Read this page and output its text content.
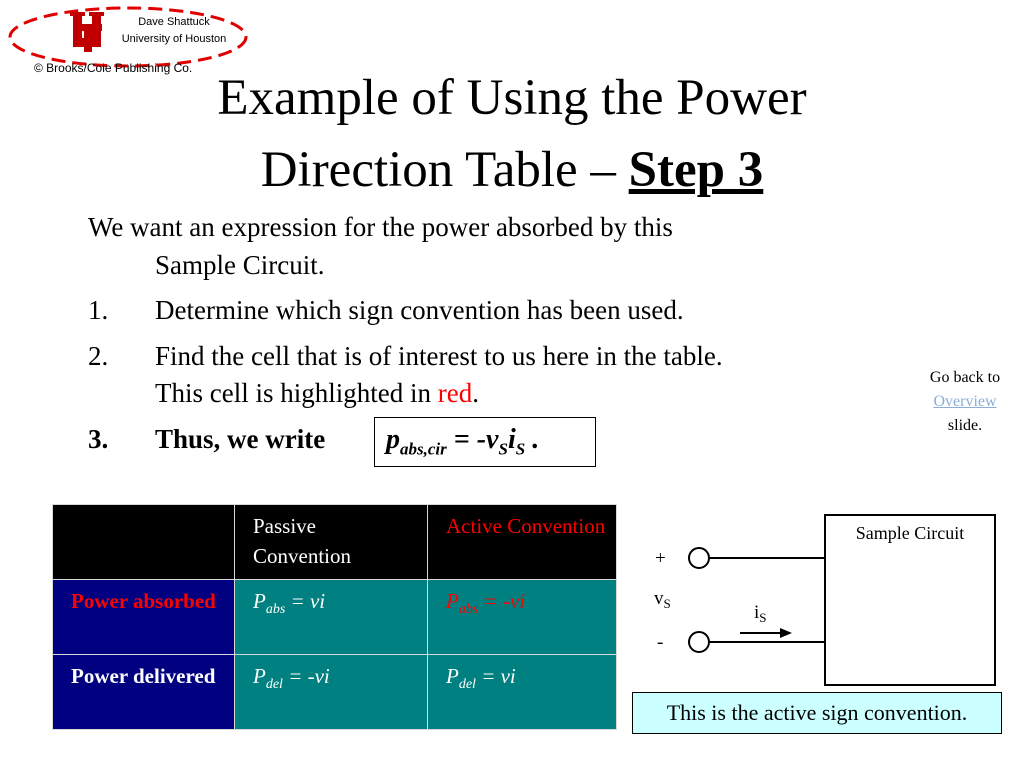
Dave Shattuck
University of Houston
© Brooks/Cole Publishing Co.
Example of Using the Power
Direction Table – Step 3
We want an expression for the power absorbed by this
Sample Circuit.
1.	Determine which sign convention has been used.
2.	Find the cell that is of interest to us here in the table.
This cell is highlighted in red.
3.	Thus, we write	$p_{abs,cir} = -v_Si_S$ .
Go back to
Overview
slide.
	Passive Convention	Active Convention
Power absorbed	$P_{abs}$ = vi	$P_{abs} = -vi$
Power delivered	$P_{del} = -vi$	$P_{del}$ = vi
Sample Circuit
+
-
$v_S$	$i_S$
This is the active sign convention.
